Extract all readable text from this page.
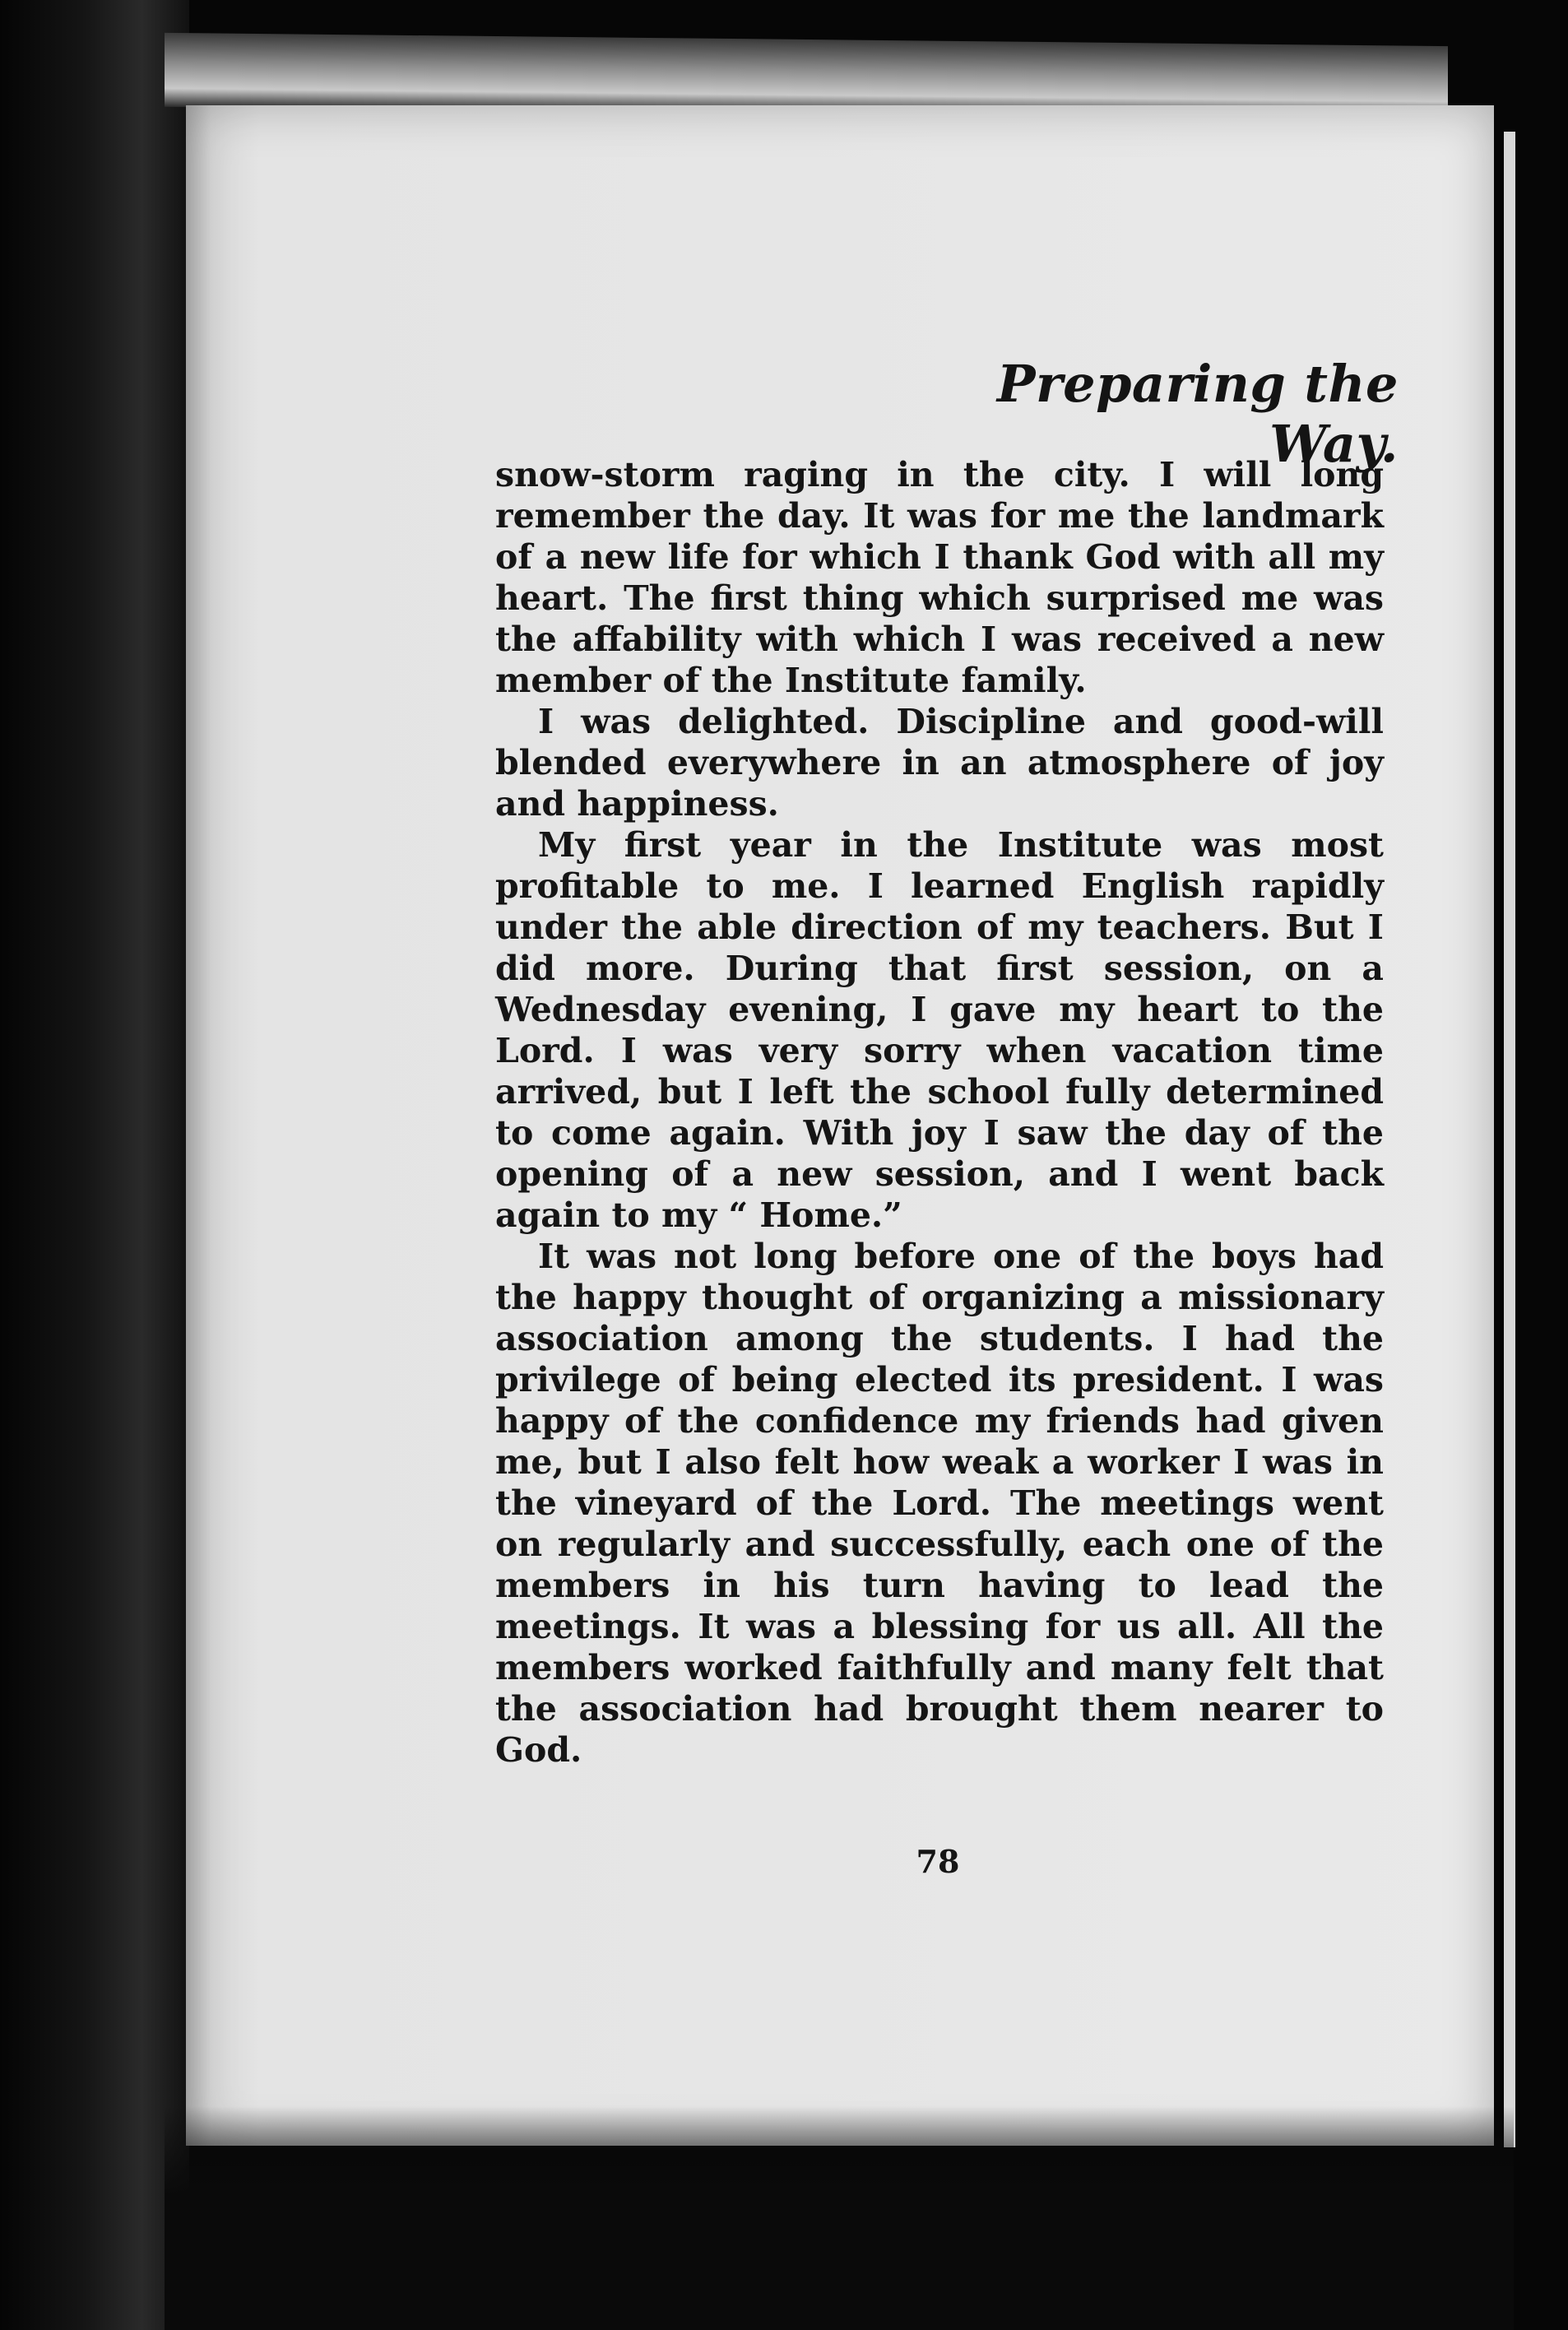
Preparing the Way.

snow-storm raging in the city. I will long remember the day. It was for me the landmark of a new life for which I thank God with all my heart. The first thing which surprised me was the affability with which I was received a new member of the Institute family.

I was delighted. Discipline and good-will blended everywhere in an atmosphere of joy and happiness.

My first year in the Institute was most profitable to me. I learned English rapidly under the able direction of my teachers. But I did more. During that first session, on a Wednesday evening, I gave my heart to the Lord. I was very sorry when vacation time arrived, but I left the school fully determined to come again. With joy I saw the day of the opening of a new session, and I went back again to my “ Home.”

It was not long before one of the boys had the happy thought of organizing a missionary association among the students. I had the privilege of being elected its president. I was happy of the confidence my friends had given me, but I also felt how weak a worker I was in the vineyard of the Lord. The meetings went on regularly and successfully, each one of the members in his turn having to lead the meetings. It was a blessing for us all. All the members worked faithfully and many felt that the association had brought them nearer to God.

78
